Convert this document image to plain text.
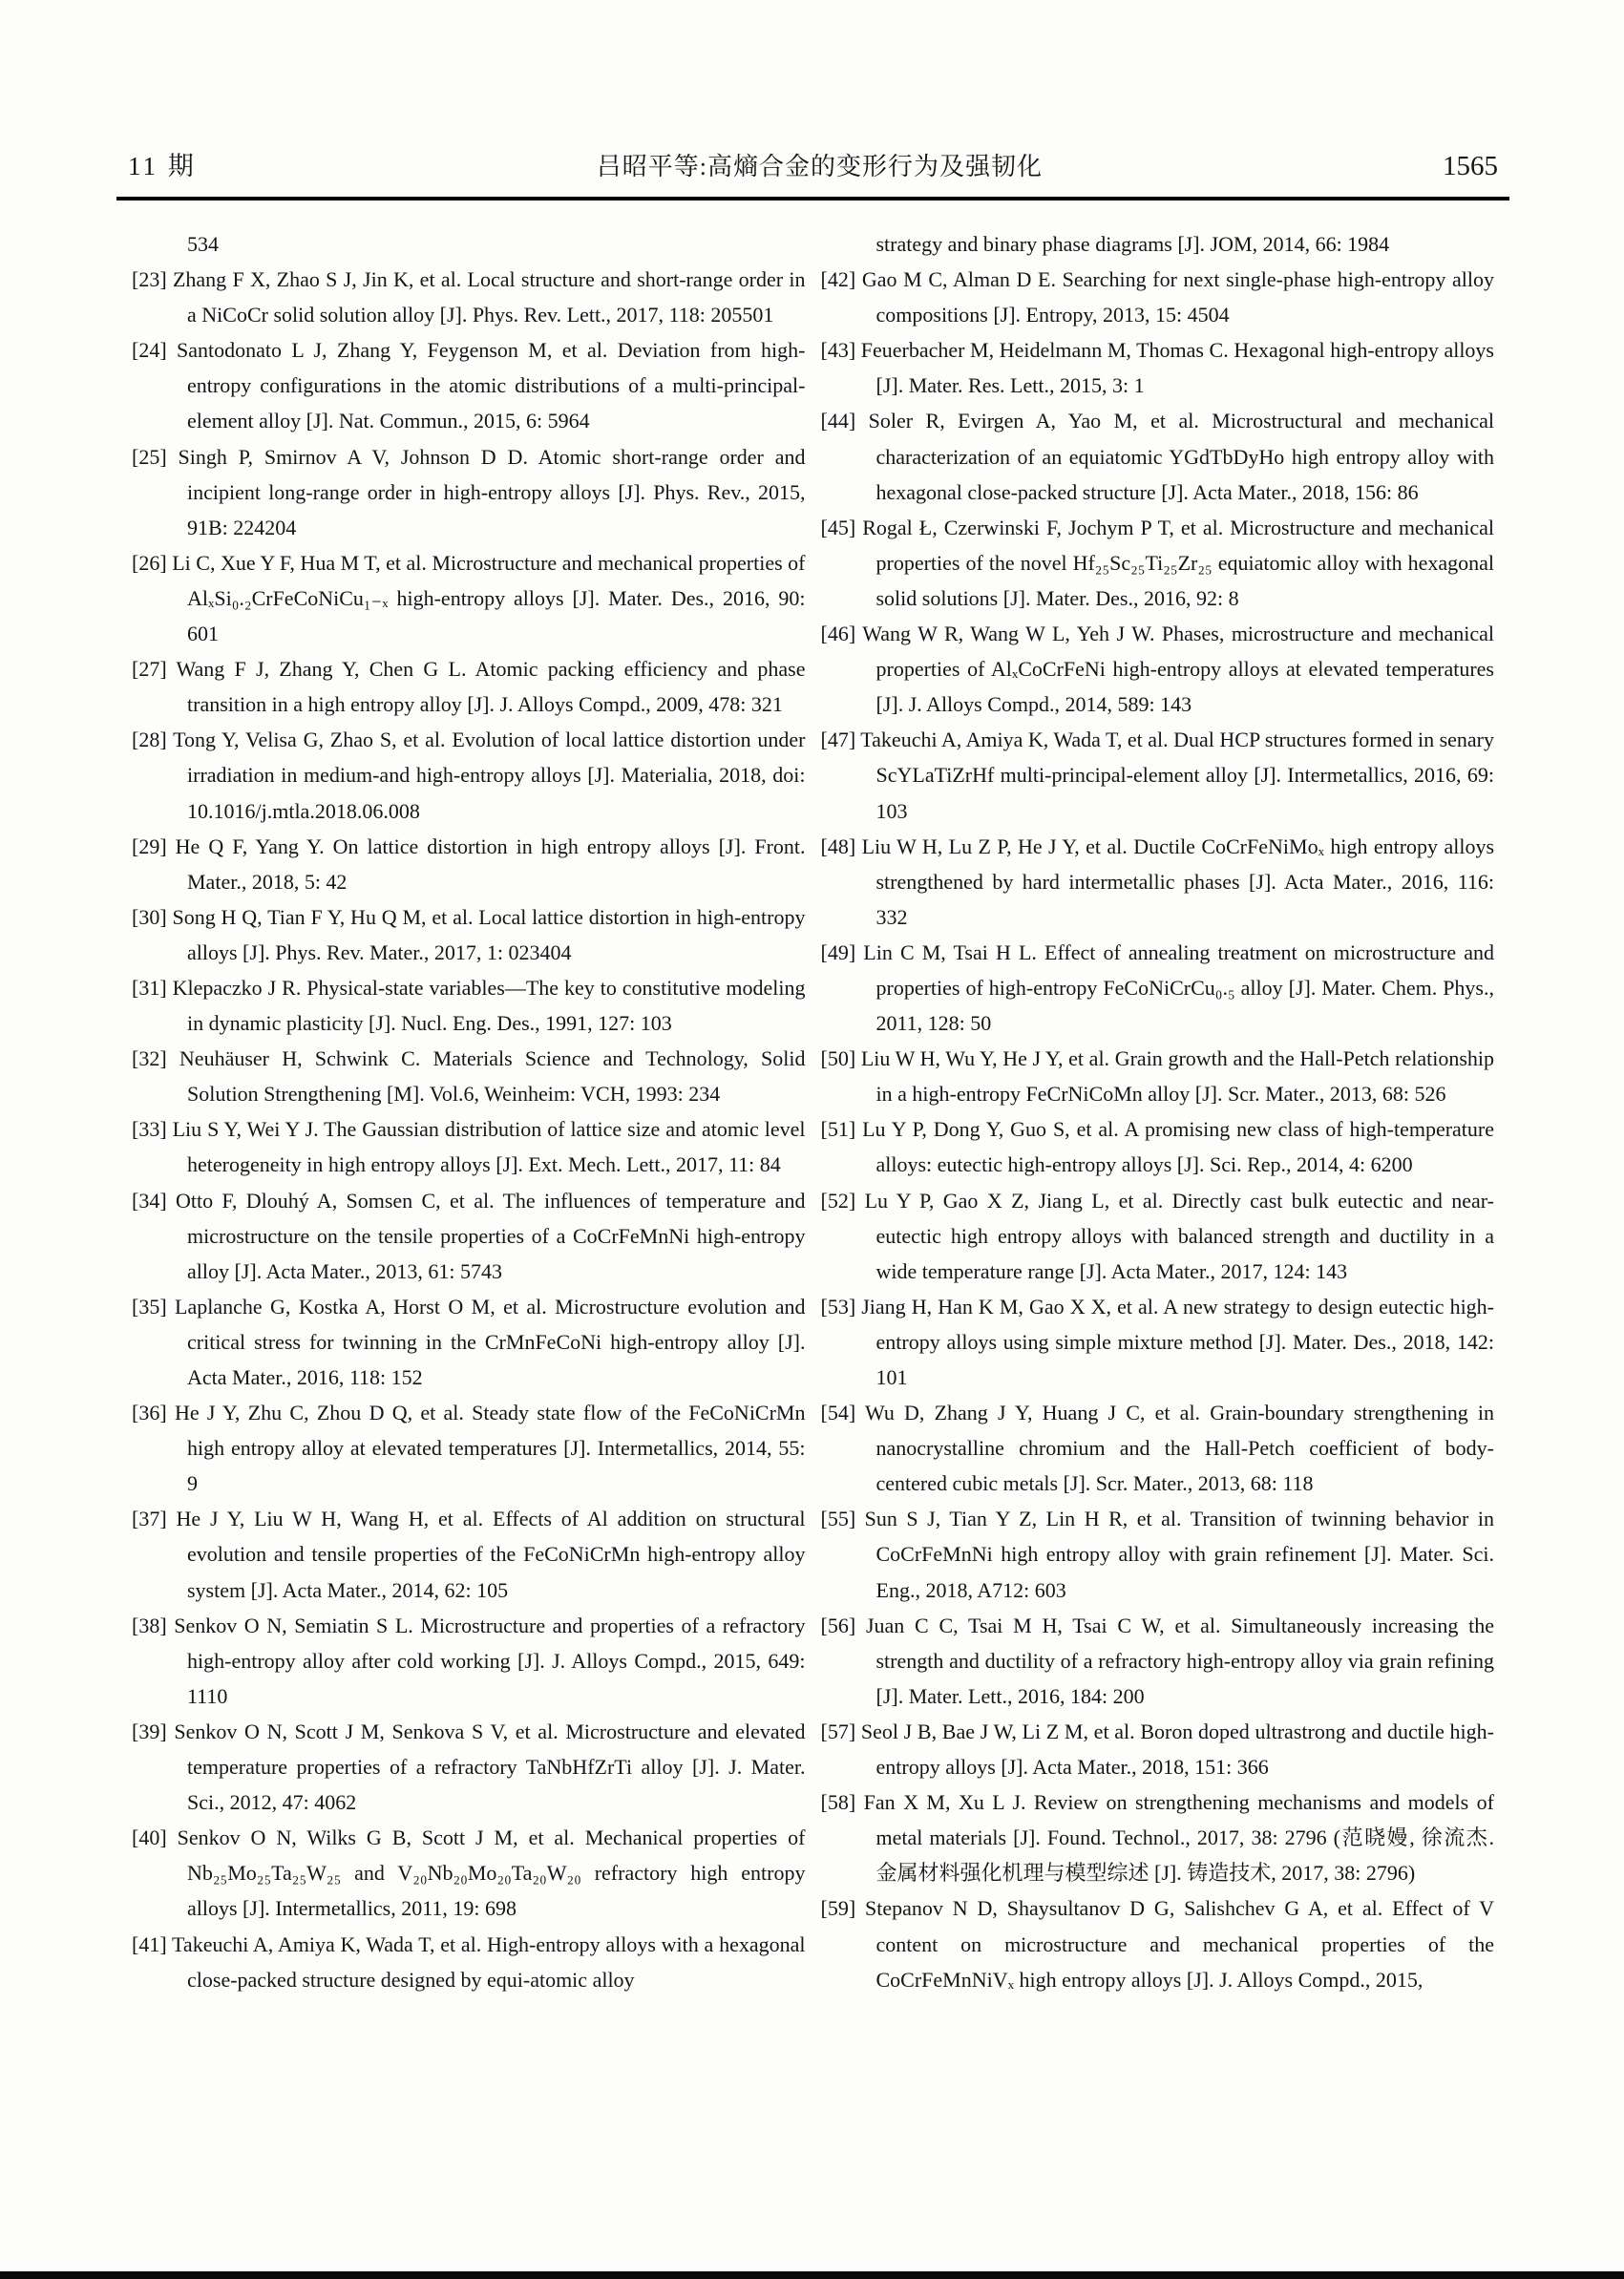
11 期	吕昭平等:高熵合金的变形行为及强韧化	1565

534

[23] Zhang F X, Zhao S J, Jin K, et al. Local structure and short-range order in a NiCoCr solid solution alloy [J]. Phys. Rev. Lett., 2017, 118: 205501

[24] Santodonato L J, Zhang Y, Feygenson M, et al. Deviation from high-entropy configurations in the atomic distributions of a multi-principal-element alloy [J]. Nat. Commun., 2015, 6: 5964

[25] Singh P, Smirnov A V, Johnson D D. Atomic short-range order and incipient long-range order in high-entropy alloys [J]. Phys. Rev., 2015, 91B: 224204

[26] Li C, Xue Y F, Hua M T, et al. Microstructure and mechanical properties of AlₓSi₀.₂CrFeCoNiCu₁₋ₓ high-entropy alloys [J]. Mater. Des., 2016, 90: 601

[27] Wang F J, Zhang Y, Chen G L. Atomic packing efficiency and phase transition in a high entropy alloy [J]. J. Alloys Compd., 2009, 478: 321

[28] Tong Y, Velisa G, Zhao S, et al. Evolution of local lattice distortion under irradiation in medium-and high-entropy alloys [J]. Materialia, 2018, doi: 10.1016/j.mtla.2018.06.008

[29] He Q F, Yang Y. On lattice distortion in high entropy alloys [J]. Front. Mater., 2018, 5: 42

[30] Song H Q, Tian F Y, Hu Q M, et al. Local lattice distortion in high-entropy alloys [J]. Phys. Rev. Mater., 2017, 1: 023404

[31] Klepaczko J R. Physical-state variables—The key to constitutive modeling in dynamic plasticity [J]. Nucl. Eng. Des., 1991, 127: 103

[32] Neuhäuser H, Schwink C. Materials Science and Technology, Solid Solution Strengthening [M]. Vol.6, Weinheim: VCH, 1993: 234

[33] Liu S Y, Wei Y J. The Gaussian distribution of lattice size and atomic level heterogeneity in high entropy alloys [J]. Ext. Mech. Lett., 2017, 11: 84

[34] Otto F, Dlouhý A, Somsen C, et al. The influences of temperature and microstructure on the tensile properties of a CoCrFeMnNi high-entropy alloy [J]. Acta Mater., 2013, 61: 5743

[35] Laplanche G, Kostka A, Horst O M, et al. Microstructure evolution and critical stress for twinning in the CrMnFeCoNi high-entropy alloy [J]. Acta Mater., 2016, 118: 152

[36] He J Y, Zhu C, Zhou D Q, et al. Steady state flow of the FeCoNiCrMn high entropy alloy at elevated temperatures [J]. Intermetallics, 2014, 55: 9

[37] He J Y, Liu W H, Wang H, et al. Effects of Al addition on structural evolution and tensile properties of the FeCoNiCrMn high-entropy alloy system [J]. Acta Mater., 2014, 62: 105

[38] Senkov O N, Semiatin S L. Microstructure and properties of a refractory high-entropy alloy after cold working [J]. J. Alloys Compd., 2015, 649: 1110

[39] Senkov O N, Scott J M, Senkova S V, et al. Microstructure and elevated temperature properties of a refractory TaNbHfZrTi alloy [J]. J. Mater. Sci., 2012, 47: 4062

[40] Senkov O N, Wilks G B, Scott J M, et al. Mechanical properties of Nb₂₅Mo₂₅Ta₂₅W₂₅ and V₂₀Nb₂₀Mo₂₀Ta₂₀W₂₀ refractory high entropy alloys [J]. Intermetallics, 2011, 19: 698

[41] Takeuchi A, Amiya K, Wada T, et al. High-entropy alloys with a hexagonal close-packed structure designed by equi-atomic alloy

strategy and binary phase diagrams [J]. JOM, 2014, 66: 1984

[42] Gao M C, Alman D E. Searching for next single-phase high-entropy alloy compositions [J]. Entropy, 2013, 15: 4504

[43] Feuerbacher M, Heidelmann M, Thomas C. Hexagonal high-entropy alloys [J]. Mater. Res. Lett., 2015, 3: 1

[44] Soler R, Evirgen A, Yao M, et al. Microstructural and mechanical characterization of an equiatomic YGdTbDyHo high entropy alloy with hexagonal close-packed structure [J]. Acta Mater., 2018, 156: 86

[45] Rogal Ł, Czerwinski F, Jochym P T, et al. Microstructure and mechanical properties of the novel Hf₂₅Sc₂₅Ti₂₅Zr₂₅ equiatomic alloy with hexagonal solid solutions [J]. Mater. Des., 2016, 92: 8

[46] Wang W R, Wang W L, Yeh J W. Phases, microstructure and mechanical properties of AlₓCoCrFeNi high-entropy alloys at elevated temperatures [J]. J. Alloys Compd., 2014, 589: 143

[47] Takeuchi A, Amiya K, Wada T, et al. Dual HCP structures formed in senary ScYLaTiZrHf multi-principal-element alloy [J]. Intermetallics, 2016, 69: 103

[48] Liu W H, Lu Z P, He J Y, et al. Ductile CoCrFeNiMoₓ high entropy alloys strengthened by hard intermetallic phases [J]. Acta Mater., 2016, 116: 332

[49] Lin C M, Tsai H L. Effect of annealing treatment on microstructure and properties of high-entropy FeCoNiCrCu₀.₅ alloy [J]. Mater. Chem. Phys., 2011, 128: 50

[50] Liu W H, Wu Y, He J Y, et al. Grain growth and the Hall-Petch relationship in a high-entropy FeCrNiCoMn alloy [J]. Scr. Mater., 2013, 68: 526

[51] Lu Y P, Dong Y, Guo S, et al. A promising new class of high-temperature alloys: eutectic high-entropy alloys [J]. Sci. Rep., 2014, 4: 6200

[52] Lu Y P, Gao X Z, Jiang L, et al. Directly cast bulk eutectic and near-eutectic high entropy alloys with balanced strength and ductility in a wide temperature range [J]. Acta Mater., 2017, 124: 143

[53] Jiang H, Han K M, Gao X X, et al. A new strategy to design eutectic high-entropy alloys using simple mixture method [J]. Mater. Des., 2018, 142: 101

[54] Wu D, Zhang J Y, Huang J C, et al. Grain-boundary strengthening in nanocrystalline chromium and the Hall-Petch coefficient of body-centered cubic metals [J]. Scr. Mater., 2013, 68: 118

[55] Sun S J, Tian Y Z, Lin H R, et al. Transition of twinning behavior in CoCrFeMnNi high entropy alloy with grain refinement [J]. Mater. Sci. Eng., 2018, A712: 603

[56] Juan C C, Tsai M H, Tsai C W, et al. Simultaneously increasing the strength and ductility of a refractory high-entropy alloy via grain refining [J]. Mater. Lett., 2016, 184: 200

[57] Seol J B, Bae J W, Li Z M, et al. Boron doped ultrastrong and ductile high-entropy alloys [J]. Acta Mater., 2018, 151: 366

[58] Fan X M, Xu L J. Review on strengthening mechanisms and models of metal materials [J]. Found. Technol., 2017, 38: 2796 (范晓嫚, 徐流杰. 金属材料强化机理与模型综述 [J]. 铸造技术, 2017, 38: 2796)

[59] Stepanov N D, Shaysultanov D G, Salishchev G A, et al. Effect of V content on microstructure and mechanical properties of the CoCrFeMnNiVₓ high entropy alloys [J]. J. Alloys Compd., 2015,
